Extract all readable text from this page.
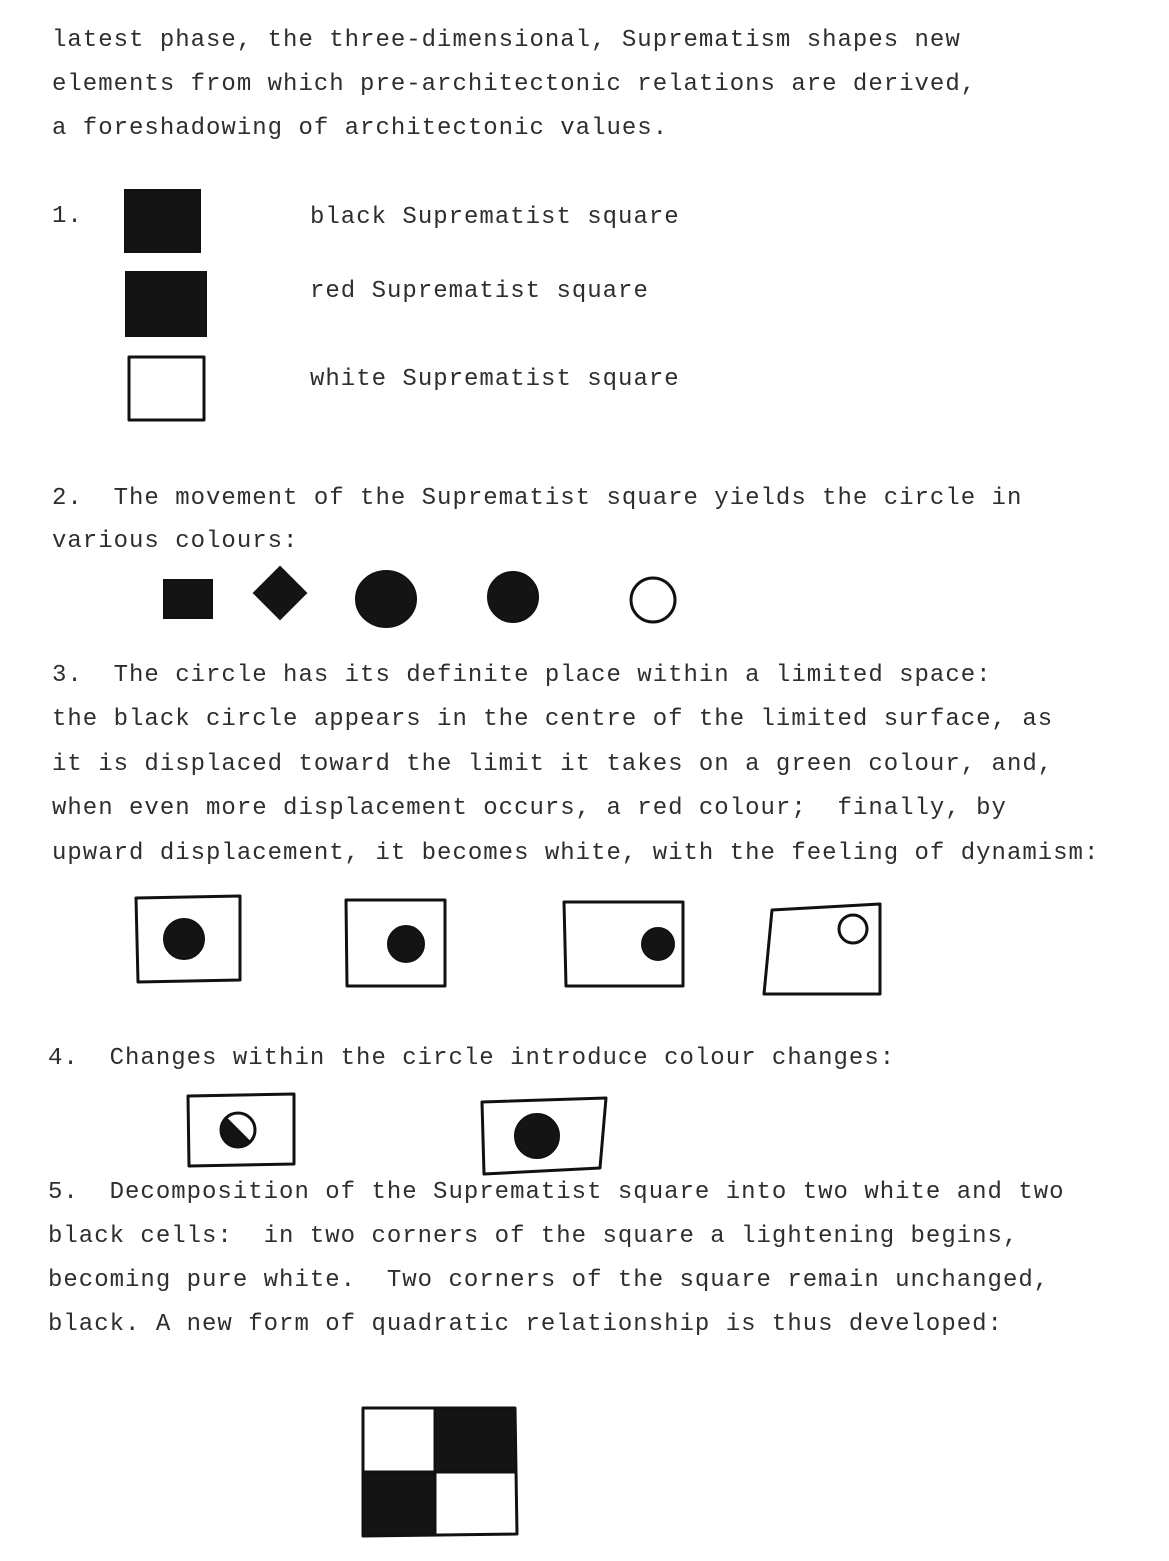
latest phase, the three-dimensional, Suprematism shapes new
elements from which pre-architectonic relations are derived,
a foreshadowing of architectonic values.
1.	black Suprematist square
red Suprematist square
white Suprematist square
2.  The movement of the Suprematist square yields the circle in
various colours:
3.  The circle has its definite place within a limited space:
the black circle appears in the centre of the limited surface, as
it is displaced toward the limit it takes on a green colour, and,
when even more displacement occurs, a red colour;  finally, by
upward displacement, it becomes white, with the feeling of dynamism:
4.  Changes within the circle introduce colour changes:
5.  Decomposition of the Suprematist square into two white and two
black cells:  in two corners of the square a lightening begins,
becoming pure white.  Two corners of the square remain unchanged,
black. A new form of quadratic relationship is thus developed:
